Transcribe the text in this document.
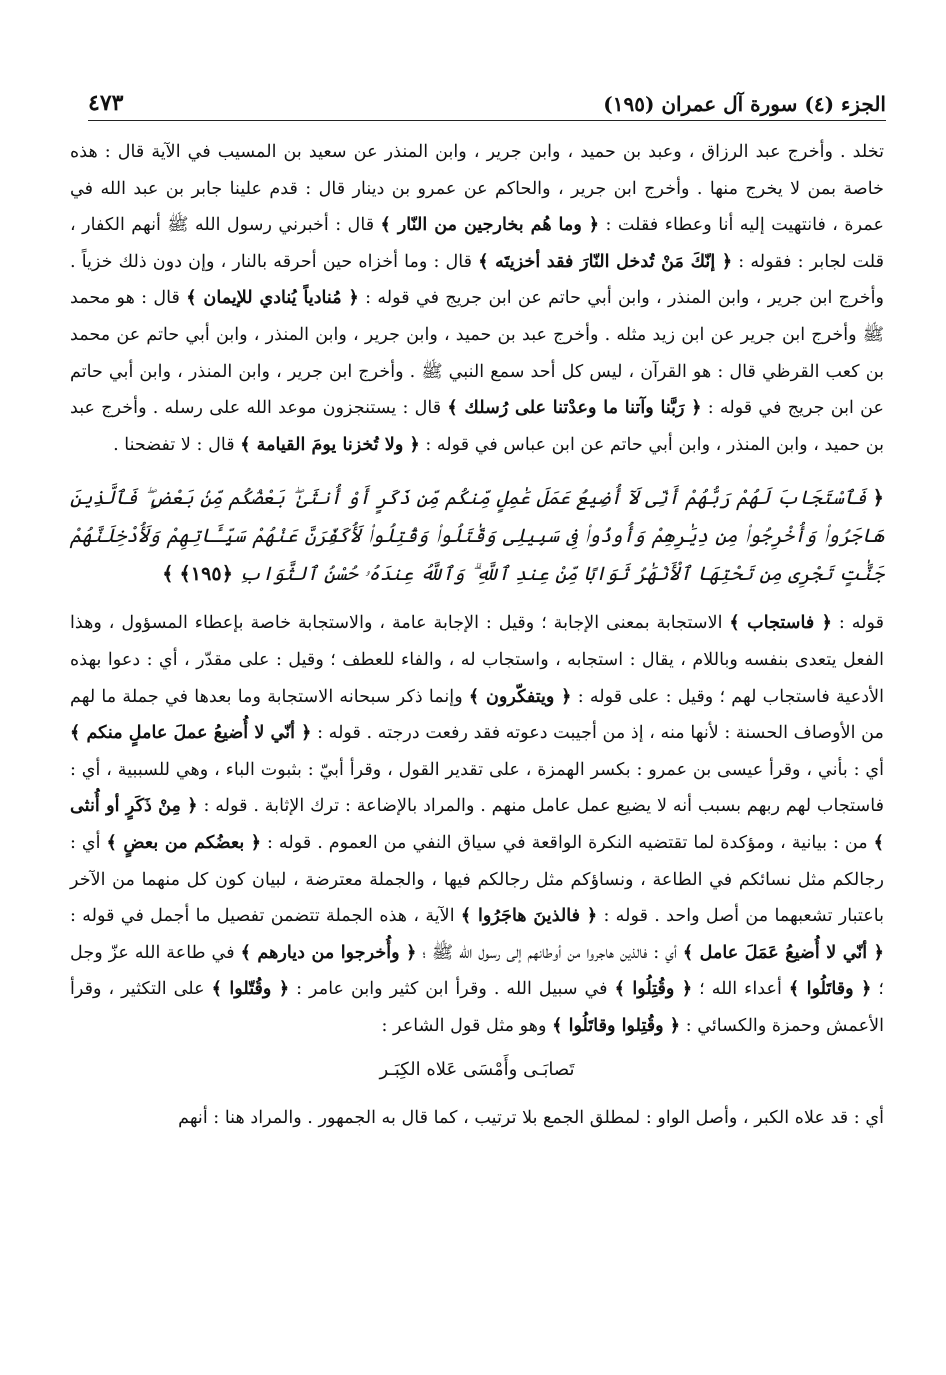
الجزء (٤) سورة آل عمران (١٩٥)
٤٧٣

تخلد . وأخرج عبد الرزاق ، وعبد بن حميد ، وابن جرير ، وابن المنذر عن سعيد بن المسيب في الآية قال : هذه خاصة بمن لا يخرج منها . وأخرج ابن جرير ، والحاكم عن عمرو بن دينار قال : قدم علينا جابر بن عبد الله في عمرة ، فانتهيت إليه أنا وعطاء فقلت : ﴿ وما هُم بخارجين من النّار ﴾ قال : أخبرني رسول الله ﷺ أنهم الكفار ، قلت لجابر : فقوله : ﴿ إنّكَ مَنْ تُدخل النّارَ فقد أخزيتَه ﴾ قال : وما أخزاه حين أحرقه بالنار ، وإن دون ذلك خزياً . وأخرج ابن جرير ، وابن المنذر ، وابن أبي حاتم عن ابن جريج في قوله : ﴿ مُنادياً يُنادي للإيمان ﴾ قال : هو محمد ﷺ وأخرج ابن جرير عن ابن زيد مثله . وأخرج عبد بن حميد ، وابن جرير ، وابن المنذر ، وابن أبي حاتم عن محمد بن كعب القرظي قال : هو القرآن ، ليس كل أحد سمع النبي ﷺ . وأخرج ابن جرير ، وابن المنذر ، وابن أبي حاتم عن ابن جريج في قوله : ﴿ رَبَّنا وآتنا ما وعدْتنا على رُسلك ﴾ قال : يستنجزون موعد الله على رسله . وأخرج عبد بن حميد ، وابن المنذر ، وابن أبي حاتم عن ابن عباس في قوله : ﴿ ولا تُخزنا يومَ القيامة ﴾ قال : لا تفضحنا .

﴿ فَٱسْتَجَابَ لَهُمْ رَبُّهُمْ أَنِّى لَآ أُضِيعُ عَمَلَ عَٰمِلٍ مِّنكُم مِّن ذَكَرٍ أَوْ أُنثَىٰ ۖ بَعْضُكُم مِّنۢ بَعْضٍ ۖ فَٱلَّذِينَ هَاجَرُوا۟ وَأُخْرِجُوا۟ مِن دِيَٰرِهِمْ وَأُوذُوا۟ فِى سَبِيلِى وَقَٰتَلُوا۟ وَقُتِلُوا۟ لَأُكَفِّرَنَّ عَنْهُمْ سَيِّـَٔاتِهِمْ وَلَأُدْخِلَنَّهُمْ جَنَّٰتٍ تَجْرِى مِن تَحْتِهَا ٱلْأَنْهَٰرُ ثَوَابًا مِّنْ عِندِ ٱللَّهِ ۗ وَٱللَّهُ عِندَهُۥ حُسْنُ ٱلثَّوَابِ ﴿١٩٥﴾ ﴾

قوله : ﴿ فاستجاب ﴾ الاستجابة بمعنى الإجابة ؛ وقيل : الإجابة عامة ، والاستجابة خاصة بإعطاء المسؤول ، وهذا الفعل يتعدى بنفسه وباللام ، يقال : استجابه ، واستجاب له ، والفاء للعطف ؛ وقيل : على مقدّر ، أي : دعوا بهذه الأدعية فاستجاب لهم ؛ وقيل : على قوله : ﴿ ويتفكّرون ﴾ وإنما ذكر سبحانه الاستجابة وما بعدها في جملة ما لهم من الأوصاف الحسنة : لأنها منه ، إذ من أجيبت دعوته فقد رفعت درجته . قوله : ﴿ أنّي لا أُضيعُ عملَ عاملٍ منكم ﴾ أي : بأني ، وقرأ عيسى بن عمرو : بكسر الهمزة ، على تقدير القول ، وقرأ أبيّ : بثبوت الباء ، وهي للسببية ، أي : فاستجاب لهم ربهم بسبب أنه لا يضيع عمل عامل منهم . والمراد بالإضاعة : ترك الإثابة . قوله : ﴿ مِنْ ذَكَرٍ أو أُنثى ﴾ من : بيانية ، ومؤكدة لما تقتضيه النكرة الواقعة في سياق النفي من العموم . قوله : ﴿ بعضُكم من بعضٍ ﴾ أي : رجالكم مثل نسائكم في الطاعة ، ونساؤكم مثل رجالكم فيها ، والجملة معترضة ، لبيان كون كل منهما من الآخر باعتبار تشعبهما من أصل واحد . قوله : ﴿ فالذينَ هاجَرُوا ﴾ الآية ، هذه الجملة تتضمن تفصيل ما أجمل في قوله : ﴿ أنّي لا أُضيعُ عَمَلَ عامل ﴾ أي : فالذين هاجروا من أوطانهم إلى رسول الله ﷺ ؛ ﴿ وأُخرجوا من ديارهم ﴾ في طاعة الله عزّ وجل ؛ ﴿ وقاتَلُوا ﴾ أعداء الله ؛ ﴿ وقُتِلُوا ﴾ في سبيل الله . وقرأ ابن كثير وابن عامر : ﴿ وقُتّلوا ﴾ على التكثير ، وقرأ الأعمش وحمزة والكسائي : ﴿ وقُتِلوا وقاتَلُوا ﴾ وهو مثل قول الشاعر :

تَصابَـى وأَمْسَى عَلاه الكِبَـر

أي : قد علاه الكبر ، وأصل الواو : لمطلق الجمع بلا ترتيب ، كما قال به الجمهور . والمراد هنا : أنهم
